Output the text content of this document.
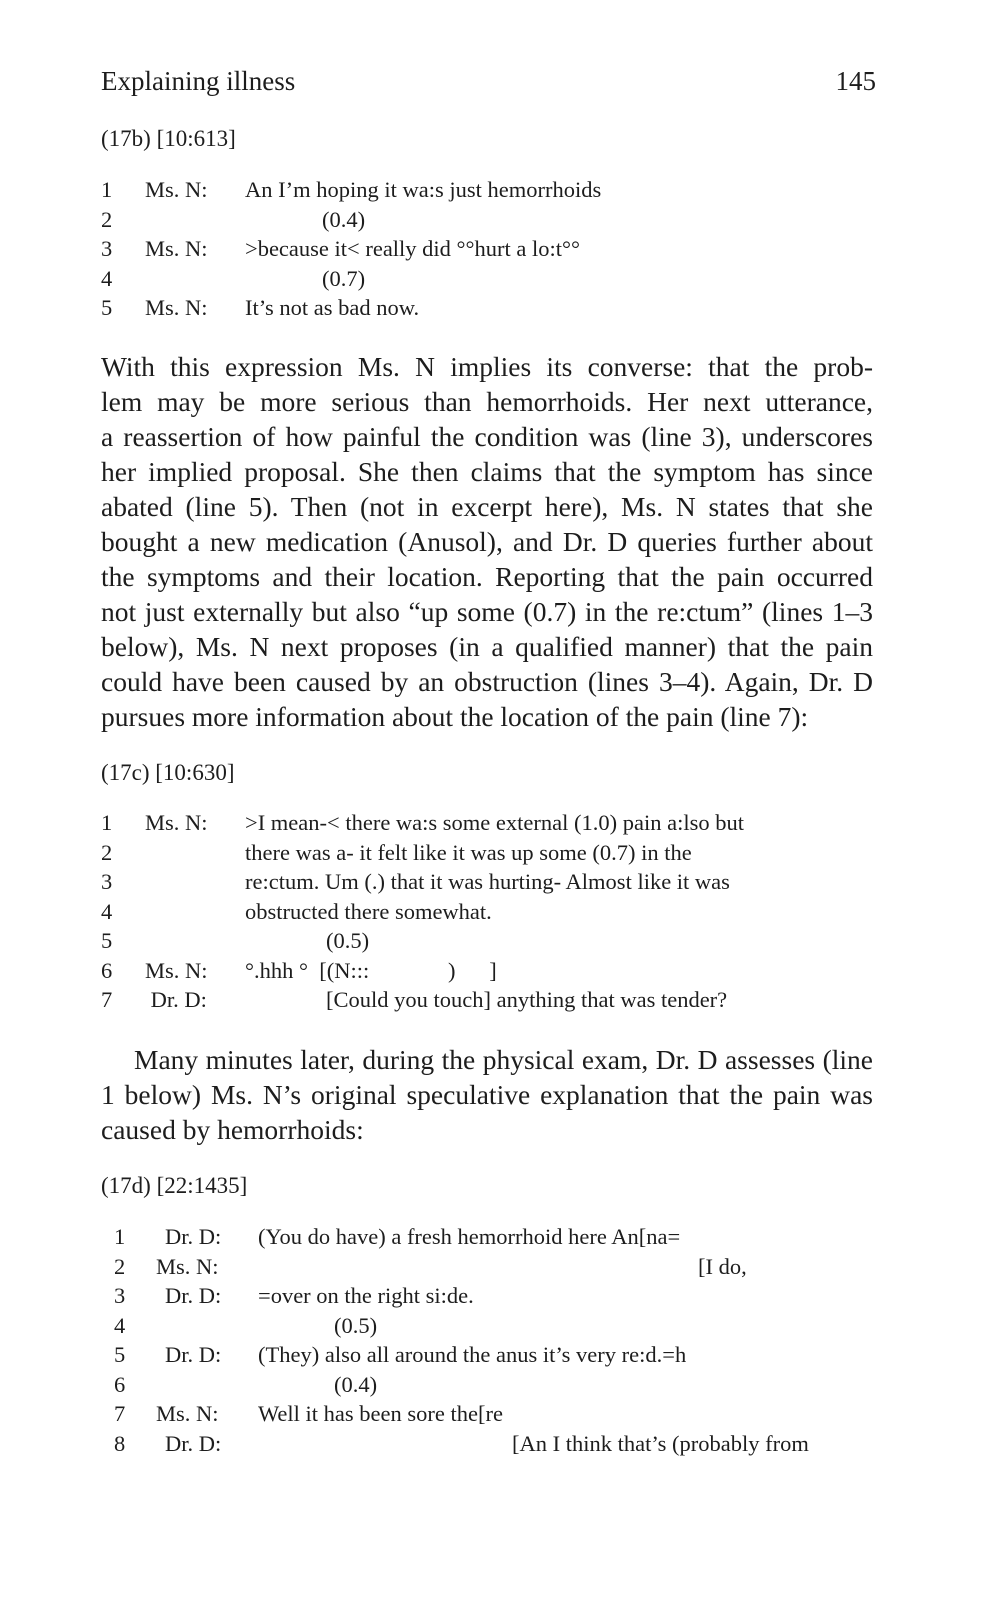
Explaining illness	145
(17b) [10:613]
1 Ms. N: An I’m hoping it wa:s just hemorrhoids
2	(0.4)
3 Ms. N: >because it< really did °°hurt a lo:t°°
4	(0.7)
5 Ms. N: It’s not as bad now.

With this expression Ms. N implies its converse: that the prob-
lem may be more serious than hemorrhoids. Her next utterance,
a reassertion of how painful the condition was (line 3), underscores
her implied proposal. She then claims that the symptom has since
abated (line 5). Then (not in excerpt here), Ms. N states that she
bought a new medication (Anusol), and Dr. D queries further about
the symptoms and their location. Reporting that the pain occurred
not just externally but also “up some (0.7) in the re:ctum” (lines 1–3
below), Ms. N next proposes (in a qualified manner) that the pain
could have been caused by an obstruction (lines 3–4). Again, Dr. D
pursues more information about the location of the pain (line 7):

(17c) [10:630]
1 Ms. N: >I mean-< there wa:s some external (1.0) pain a:lso but
2	there was a- it felt like it was up some (0.7) in the
3	re:ctum. Um (.) that it was hurting- Almost like it was
4	obstructed there somewhat.
5	(0.5)
6 Ms. N: °.hhh °  [(N:::              )      ]
7 Dr. D:	[Could you touch] anything that was tender?

Many minutes later, during the physical exam, Dr. D assesses (line
1 below) Ms. N’s original speculative explanation that the pain was
caused by hemorrhoids:

(17d) [22:1435]
1 Dr. D: (You do have) a fresh hemorrhoid here An[na=
2 Ms. N:	[I do,
3 Dr. D: =over on the right si:de.
4	(0.5)
5 Dr. D: (They) also all around the anus it’s very re:d.=h
6	(0.4)
7 Ms. N: Well it has been sore the[re
8 Dr. D:	[An I think that’s (probably from
